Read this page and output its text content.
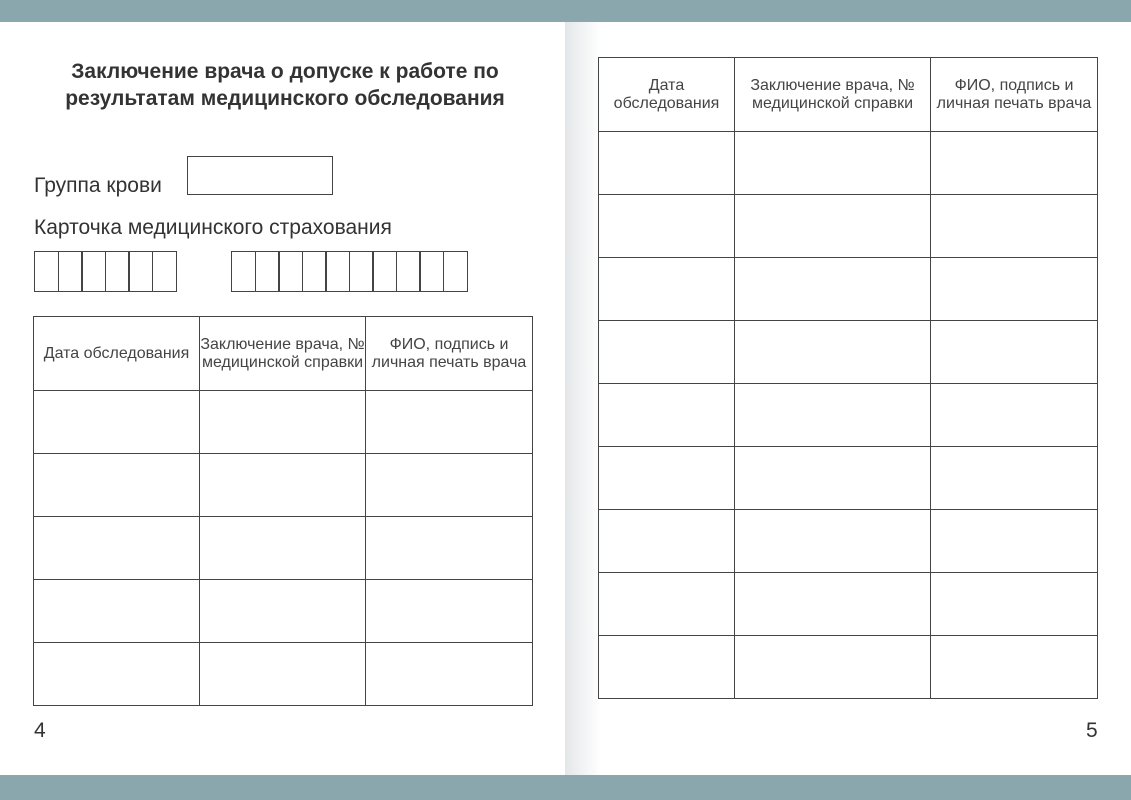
Заключение врача о допуске к работе по результатам медицинского обследования
Группа крови
Карточка медицинского страхования
Дата обследования	Заключение врача, № медицинской справки	ФИО, подпись и личная печать врача

4
Дата обследования	Заключение врача, № медицинской справки	ФИО, подпись и личная печать врача

5
